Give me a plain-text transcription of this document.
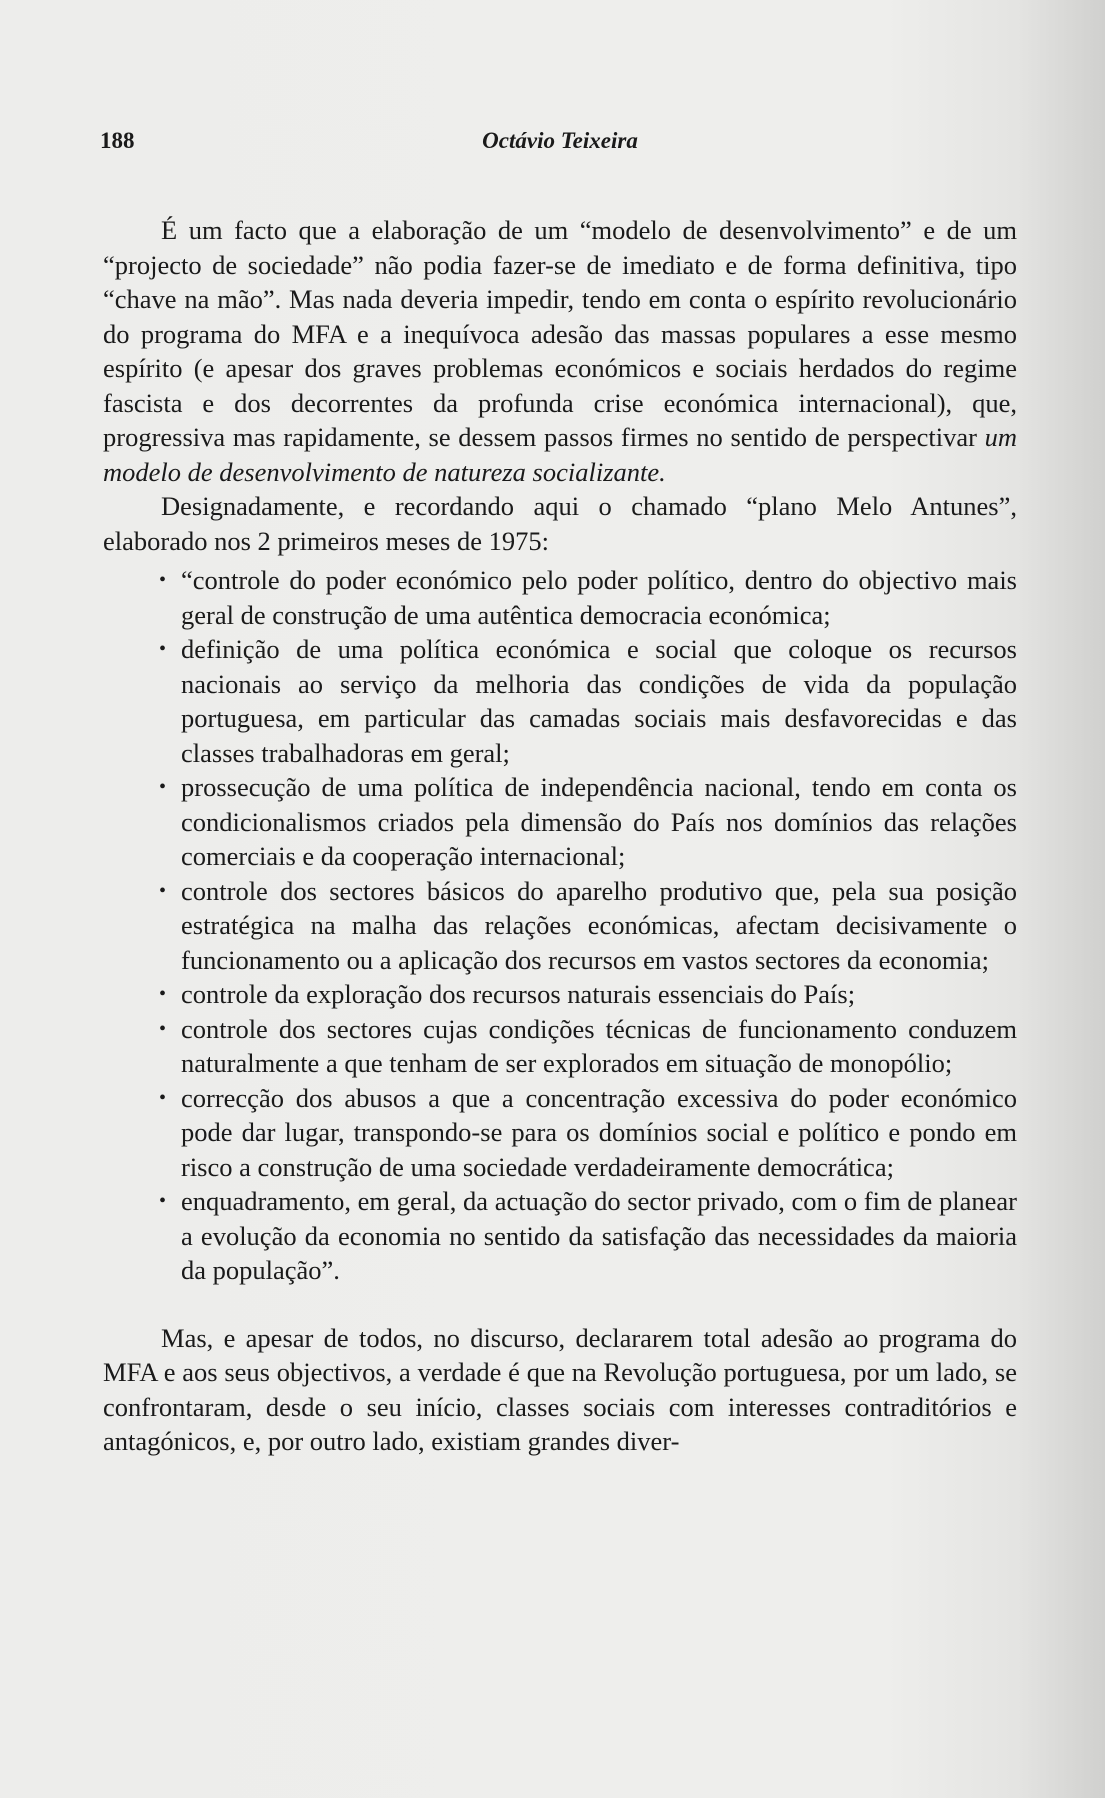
188	Octávio Teixeira

É um facto que a elaboração de um “modelo de desenvolvimento” e de um “projecto de sociedade” não podia fazer-se de imediato e de forma definitiva, tipo “chave na mão”. Mas nada deveria impedir, tendo em conta o espírito revolucionário do programa do MFA e a inequívoca adesão das massas populares a esse mesmo espírito (e apesar dos graves problemas económicos e sociais herdados do regime fascista e dos decorrentes da profunda crise económica internacional), que, progressiva mas rapidamente, se dessem passos firmes no sentido de perspectivar um modelo de desenvolvimento de natureza socializante.

Designadamente, e recordando aqui o chamado “plano Melo Antunes”, elaborado nos 2 primeiros meses de 1975:

• “controle do poder económico pelo poder político, dentro do objectivo mais geral de construção de uma autêntica democracia económica;
• definição de uma política económica e social que coloque os recursos nacionais ao serviço da melhoria das condições de vida da população portuguesa, em particular das camadas sociais mais desfavorecidas e das classes trabalhadoras em geral;
• prossecução de uma política de independência nacional, tendo em conta os condicionalismos criados pela dimensão do País nos domínios das relações comerciais e da cooperação internacional;
• controle dos sectores básicos do aparelho produtivo que, pela sua posição estratégica na malha das relações económicas, afectam decisivamente o funcionamento ou a aplicação dos recursos em vastos sectores da economia;
• controle da exploração dos recursos naturais essenciais do País;
• controle dos sectores cujas condições técnicas de funcionamento conduzem naturalmente a que tenham de ser explorados em situação de monopólio;
• correcção dos abusos a que a concentração excessiva do poder económico pode dar lugar, transpondo-se para os domínios social e político e pondo em risco a construção de uma sociedade verdadeiramente democrática;
• enquadramento, em geral, da actuação do sector privado, com o fim de planear a evolução da economia no sentido da satisfação das necessidades da maioria da população”.

Mas, e apesar de todos, no discurso, declararem total adesão ao programa do MFA e aos seus objectivos, a verdade é que na Revolução portuguesa, por um lado, se confrontaram, desde o seu início, classes sociais com interesses contraditórios e antagónicos, e, por outro lado, existiam grandes diver-
